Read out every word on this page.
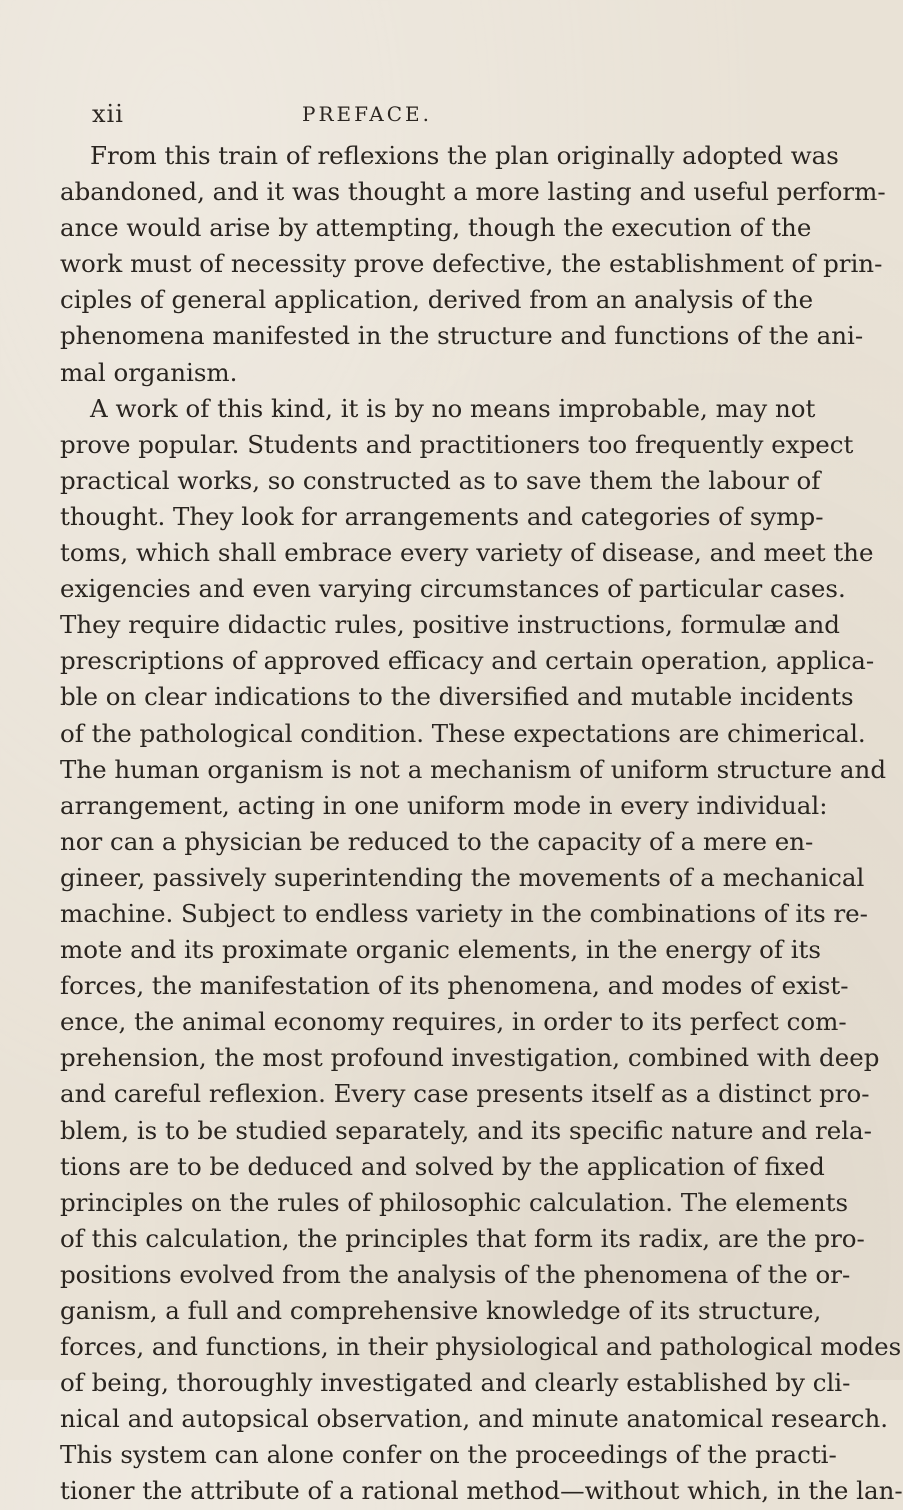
xii	PREFACE.
From this train of reflexions the plan originally adopted was
abandoned, and it was thought a more lasting and useful perform-
ance would arise by attempting, though the execution of the
work must of necessity prove defective, the establishment of prin-
ciples of general application, derived from an analysis of the
phenomena manifested in the structure and functions of the ani-
mal organism.
A work of this kind, it is by no means improbable, may not
prove popular. Students and practitioners too frequently expect
practical works, so constructed as to save them the labour of
thought. They look for arrangements and categories of symp-
toms, which shall embrace every variety of disease, and meet the
exigencies and even varying circumstances of particular cases.
They require didactic rules, positive instructions, formulæ and
prescriptions of approved efficacy and certain operation, applica-
ble on clear indications to the diversified and mutable incidents
of the pathological condition. These expectations are chimerical.
The human organism is not a mechanism of uniform structure and
arrangement, acting in one uniform mode in every individual:
nor can a physician be reduced to the capacity of a mere en-
gineer, passively superintending the movements of a mechanical
machine. Subject to endless variety in the combinations of its re-
mote and its proximate organic elements, in the energy of its
forces, the manifestation of its phenomena, and modes of exist-
ence, the animal economy requires, in order to its perfect com-
prehension, the most profound investigation, combined with deep
and careful reflexion. Every case presents itself as a distinct pro-
blem, is to be studied separately, and its specific nature and rela-
tions are to be deduced and solved by the application of fixed
principles on the rules of philosophic calculation. The elements
of this calculation, the principles that form its radix, are the pro-
positions evolved from the analysis of the phenomena of the or-
ganism, a full and comprehensive knowledge of its structure,
forces, and functions, in their physiological and pathological modes
of being, thoroughly investigated and clearly established by cli-
nical and autopsical observation, and minute anatomical research.
This system can alone confer on the proceedings of the practi-
tioner the attribute of a rational method—without which, in the lan-
